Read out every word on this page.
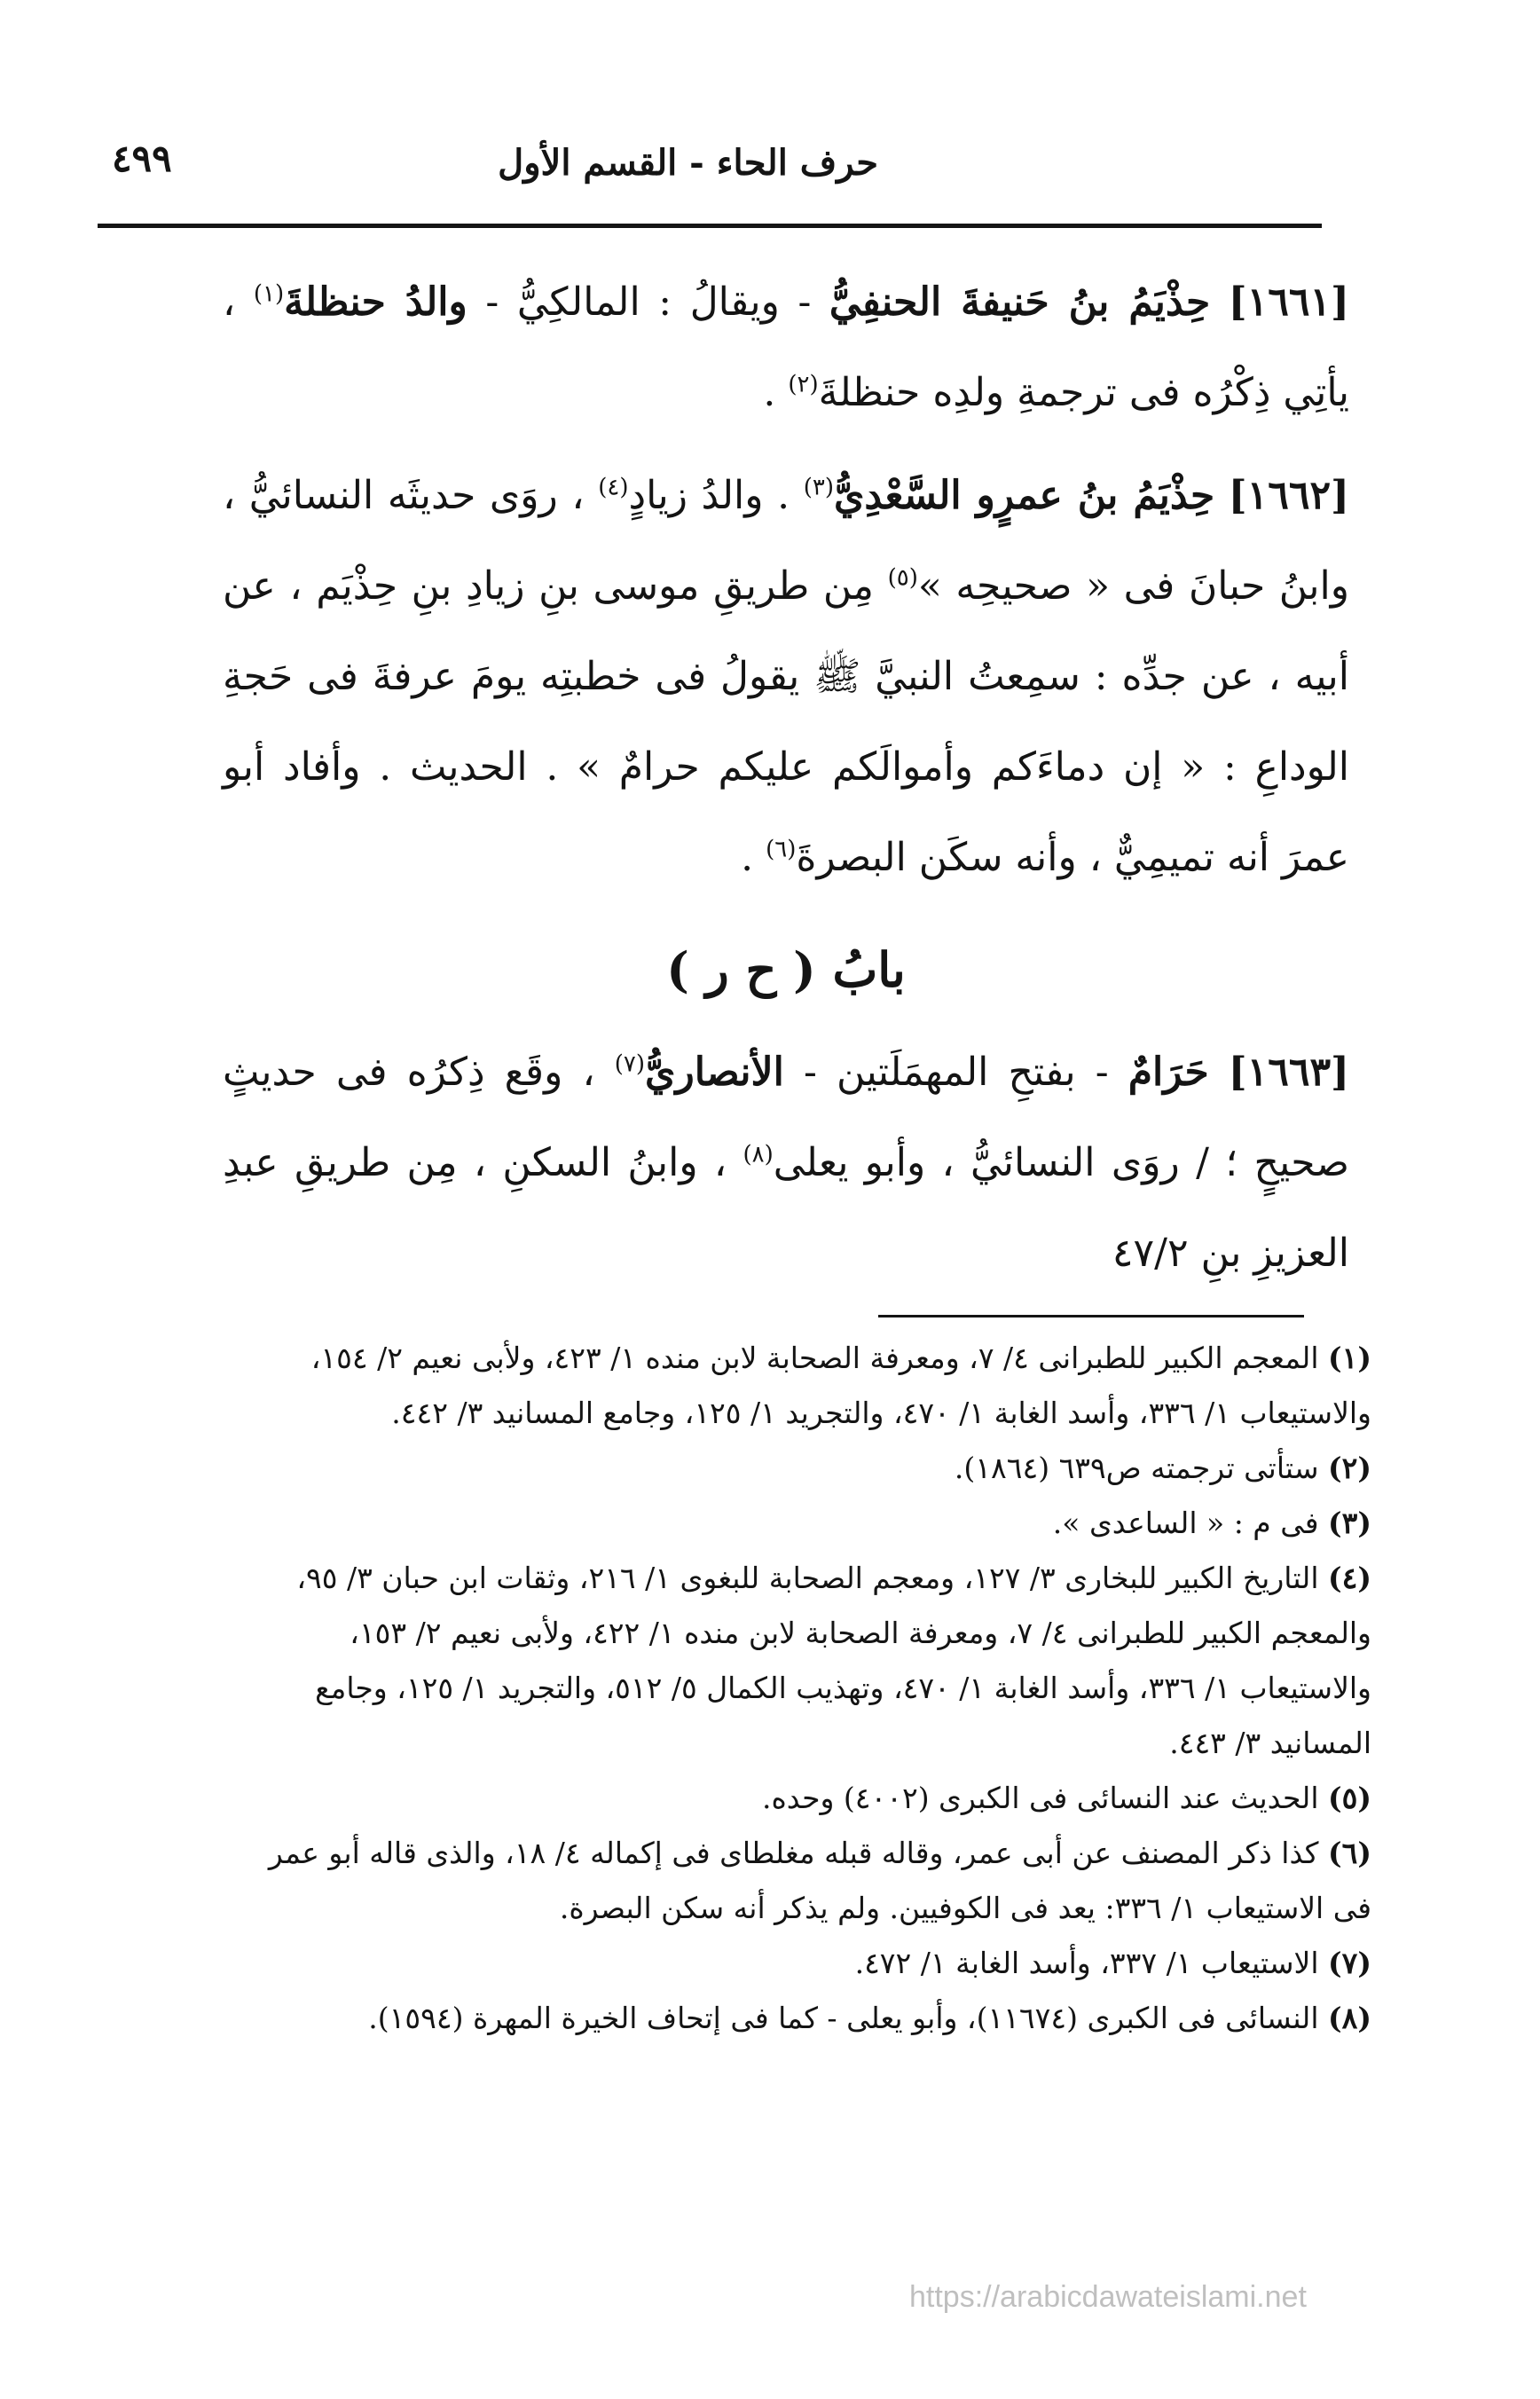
حرف الحاء - القسم الأول
٤٩٩

[١٦٦١] حِذْيَمُ بنُ حَنيفةَ الحنفِيُّ - ويقالُ : المالكِيُّ - والدُ حنظلةَ$^{(١)}$ ، يأتِي ذِكْرُه فى ترجمةِ ولدِه حنظلةَ$^{(٢)}$ .

[١٦٦٢] حِذْيَمُ بنُ عمرٍو السَّعْدِيُّ$^{(٣)}$ . والدُ زيادٍ$^{(٤)}$ ، روَى حديثَه النسائيُّ ، وابنُ حبانَ فى « صحيحِه »$^{(٥)}$ مِن طريقِ موسى بنِ زيادِ بنِ حِذْيَم ، عن أبيه ، عن جدِّه : سمِعتُ النبيَّ ﷺ يقولُ فى خطبتِه يومَ عرفةَ فى حَجةِ الوداعِ : « إن دماءَكم وأموالَكم عليكم حرامٌ » . الحديث . وأفاد أبو عمرَ أنه تميمِيٌّ ، وأنه سكَن البصرةَ$^{(٦)}$ .

بابُ ( ح ر )

[١٦٦٣] حَرَامٌ - بفتحِ المهمَلَتين - الأنصاريُّ$^{(٧)}$ ، وقَع ذِكرُه فى حديثٍ صحيحٍ ؛ / روَى النسائيُّ ، وأبو يعلى$^{(٨)}$ ، وابنُ السكنِ ، مِن طريقِ عبدِ العزيزِ بنِ ٤٧/٢

(١) المعجم الكبير للطبرانى ٤/ ٧، ومعرفة الصحابة لابن منده ١/ ٤٢٣، ولأبى نعيم ٢/ ١٥٤، والاستيعاب ١/ ٣٣٦، وأسد الغابة ١/ ٤٧٠، والتجريد ١/ ١٢٥، وجامع المسانيد ٣/ ٤٤٢.

(٢) ستأتى ترجمته ص٦٣٩ (١٨٦٤).

(٣) فى م : « الساعدى ».

(٤) التاريخ الكبير للبخارى ٣/ ١٢٧، ومعجم الصحابة للبغوى ١/ ٢١٦، وثقات ابن حبان ٣/ ٩٥، والمعجم الكبير للطبرانى ٤/ ٧، ومعرفة الصحابة لابن منده ١/ ٤٢٢، ولأبى نعيم ٢/ ١٥٣، والاستيعاب ١/ ٣٣٦، وأسد الغابة ١/ ٤٧٠، وتهذيب الكمال ٥/ ٥١٢، والتجريد ١/ ١٢٥، وجامع المسانيد ٣/ ٤٤٣.

(٥) الحديث عند النسائى فى الكبرى (٤٠٠٢) وحده.

(٦) كذا ذكر المصنف عن أبى عمر، وقاله قبله مغلطاى فى إكماله ٤/ ١٨، والذى قاله أبو عمر فى الاستيعاب ١/ ٣٣٦: يعد فى الكوفيين. ولم يذكر أنه سكن البصرة.

(٧) الاستيعاب ١/ ٣٣٧، وأسد الغابة ١/ ٤٧٢.

(٨) النسائى فى الكبرى (١١٦٧٤)، وأبو يعلى - كما فى إتحاف الخيرة المهرة (١٥٩٤).

https://arabicdawateislami.net
